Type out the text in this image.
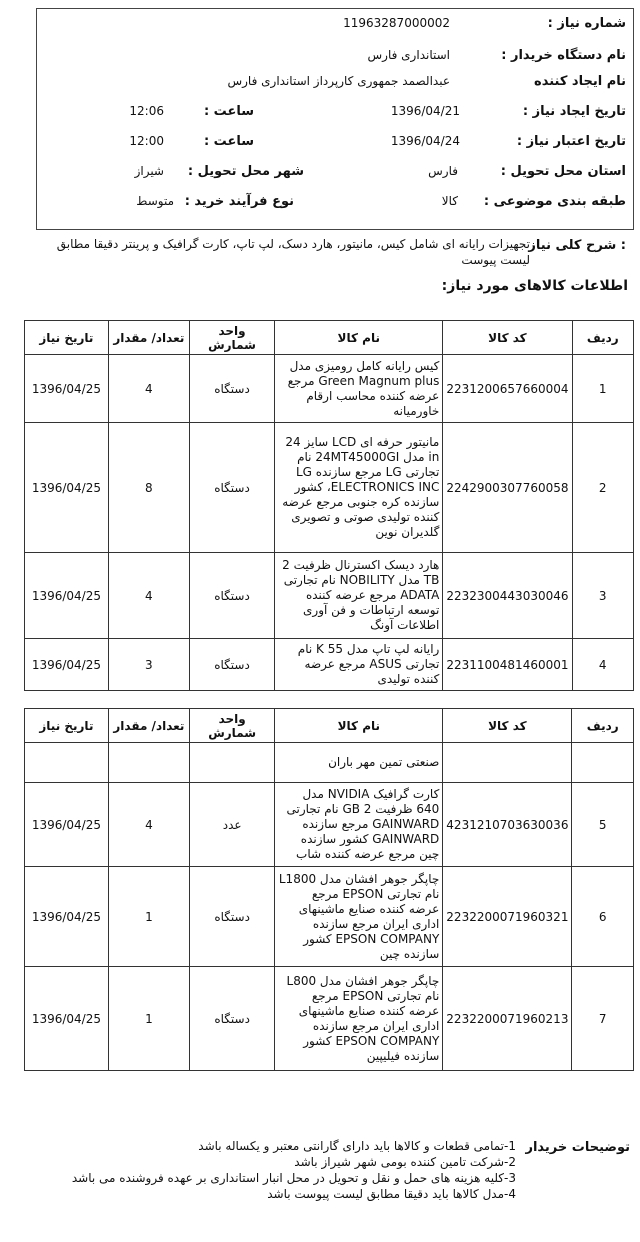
شماره نیاز :
11963287000002
نام دستگاه خریدار :
استانداری فارس
نام ایجاد کننده
عبدالصمد جمهوری کارپرداز استانداری فارس
تاریخ ایجاد نیاز :
1396/04/21
ساعت :
12:06
تاریخ اعتبار نیاز :
1396/04/24
ساعت :
12:00
استان محل تحویل :
فارس
شهر محل تحویل :
شیراز
طبقه بندی موضوعی :
کالا
نوع فرآیند خرید :
متوسط
شرح کلی نیاز :
تجهیزات رایانه ای شامل کیس، مانیتور، هارد دسک، لپ تاپ، کارت گرافیک و پرینتر دقیقا مطابق لیست پیوست
اطلاعات کالاهای مورد نیاز:
تاریخ نیاز	تعداد/ مقدار	واحد شمارش	نام کالا	کد کالا	ردیف
1396/04/25	4	دستگاه	کیس رایانه کامل رومیزی مدل Green Magnum plus مرجع عرضه کننده محاسب ارقام خاورمیانه	2231200657660004	1
1396/04/25	8	دستگاه	مانیتور حرفه ای LCD سایز 24 in مدل 24MT45000GI نام تجارتی LG مرجع سازنده LG ELECTRONICS INC، کشور سازنده کره جنوبی مرجع عرضه کننده تولیدی صوتی و تصویری گلدیران نوین	2242900307760058	2
1396/04/25	4	دستگاه	هارد دیسک اکسترنال ظرفیت 2 TB مدل NOBILITY نام تجارتی ADATA مرجع عرضه کننده توسعه ارتباطات و فن آوری اطلاعات آونگ	2232300443030046	3
1396/04/25	3	دستگاه	رایانه لپ تاپ مدل K 55 نام تجارتی ASUS مرجع عرضه کننده تولیدی	2231100481460001	4
تاریخ نیاز	تعداد/ مقدار	واحد شمارش	نام کالا	کد کالا	ردیف
			صنعتی تمین مهر باران		
1396/04/25	4	عدد	کارت گرافیک NVIDIA مدل 640 ظرفیت GB 2 نام تجارتی GAINWARD مرجع سازنده GAINWARD کشور سازنده چین مرجع عرضه کننده شاب	4231210703630036	5
1396/04/25	1	دستگاه	چاپگر جوهر افشان مدل L1800 نام تجارتی EPSON مرجع عرضه کننده صنایع ماشینهای اداری ایران مرجع سازنده EPSON COMPANY کشور سازنده چین	2232200071960321	6
1396/04/25	1	دستگاه	چاپگر جوهر افشان مدل L800 نام تجارتی EPSON مرجع عرضه کننده صنایع ماشینهای اداری ایران مرجع سازنده EPSON COMPANY کشور سازنده فیلیپین	2232200071960213	7
توضیحات خریدار
1-تمامی قطعات و کالاها باید دارای گارانتی معتبر و یکساله باشد
2-شرکت تامین کننده بومی شهر شیراز باشد
3-کلیه هزینه های حمل و نقل و تحویل در محل انبار استانداری بر عهده فروشنده می باشد
4-مدل کالاها باید دقیقا مطابق لیست پیوست باشد
